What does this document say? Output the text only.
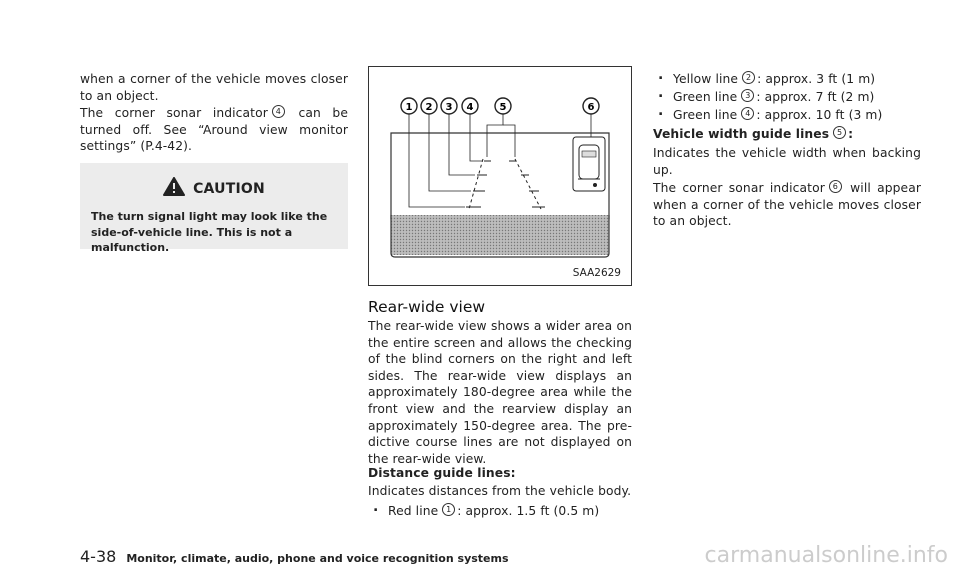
when a corner of the vehicle moves closer to an object.

The corner sonar indicator 4 can be turned off. See “Around view monitor settings” (P.4-42).

CAUTION
The turn signal light may look like the side-of-vehicle line. This is not a malfunction.
1 2 3 4	5	6
SAA2629
Rear-wide view

The rear-wide view shows a wider area on the entire screen and allows the checking of the blind corners on the right and left sides. The rear-wide view displays an approximately 180-degree area while the front view and the rearview display an approximately 150-degree area. The pre-dictive course lines are not displayed on the rear-wide view.

Distance guide lines:

Indicates distances from the vehicle body.

. Red line 1 : approx. 1.5 ft (0.5 m)

. Yellow line 2 : approx. 3 ft (1 m)

. Green line 3 : approx. 7 ft (2 m)

. Green line 4 : approx. 10 ft (3 m)

Vehicle width guide lines 5 :

Indicates the vehicle width when backing up.

The corner sonar indicator 6 will appear when a corner of the vehicle moves closer to an object.

4-38 Monitor, climate, audio, phone and voice recognition systems	carmanualsonline.info
